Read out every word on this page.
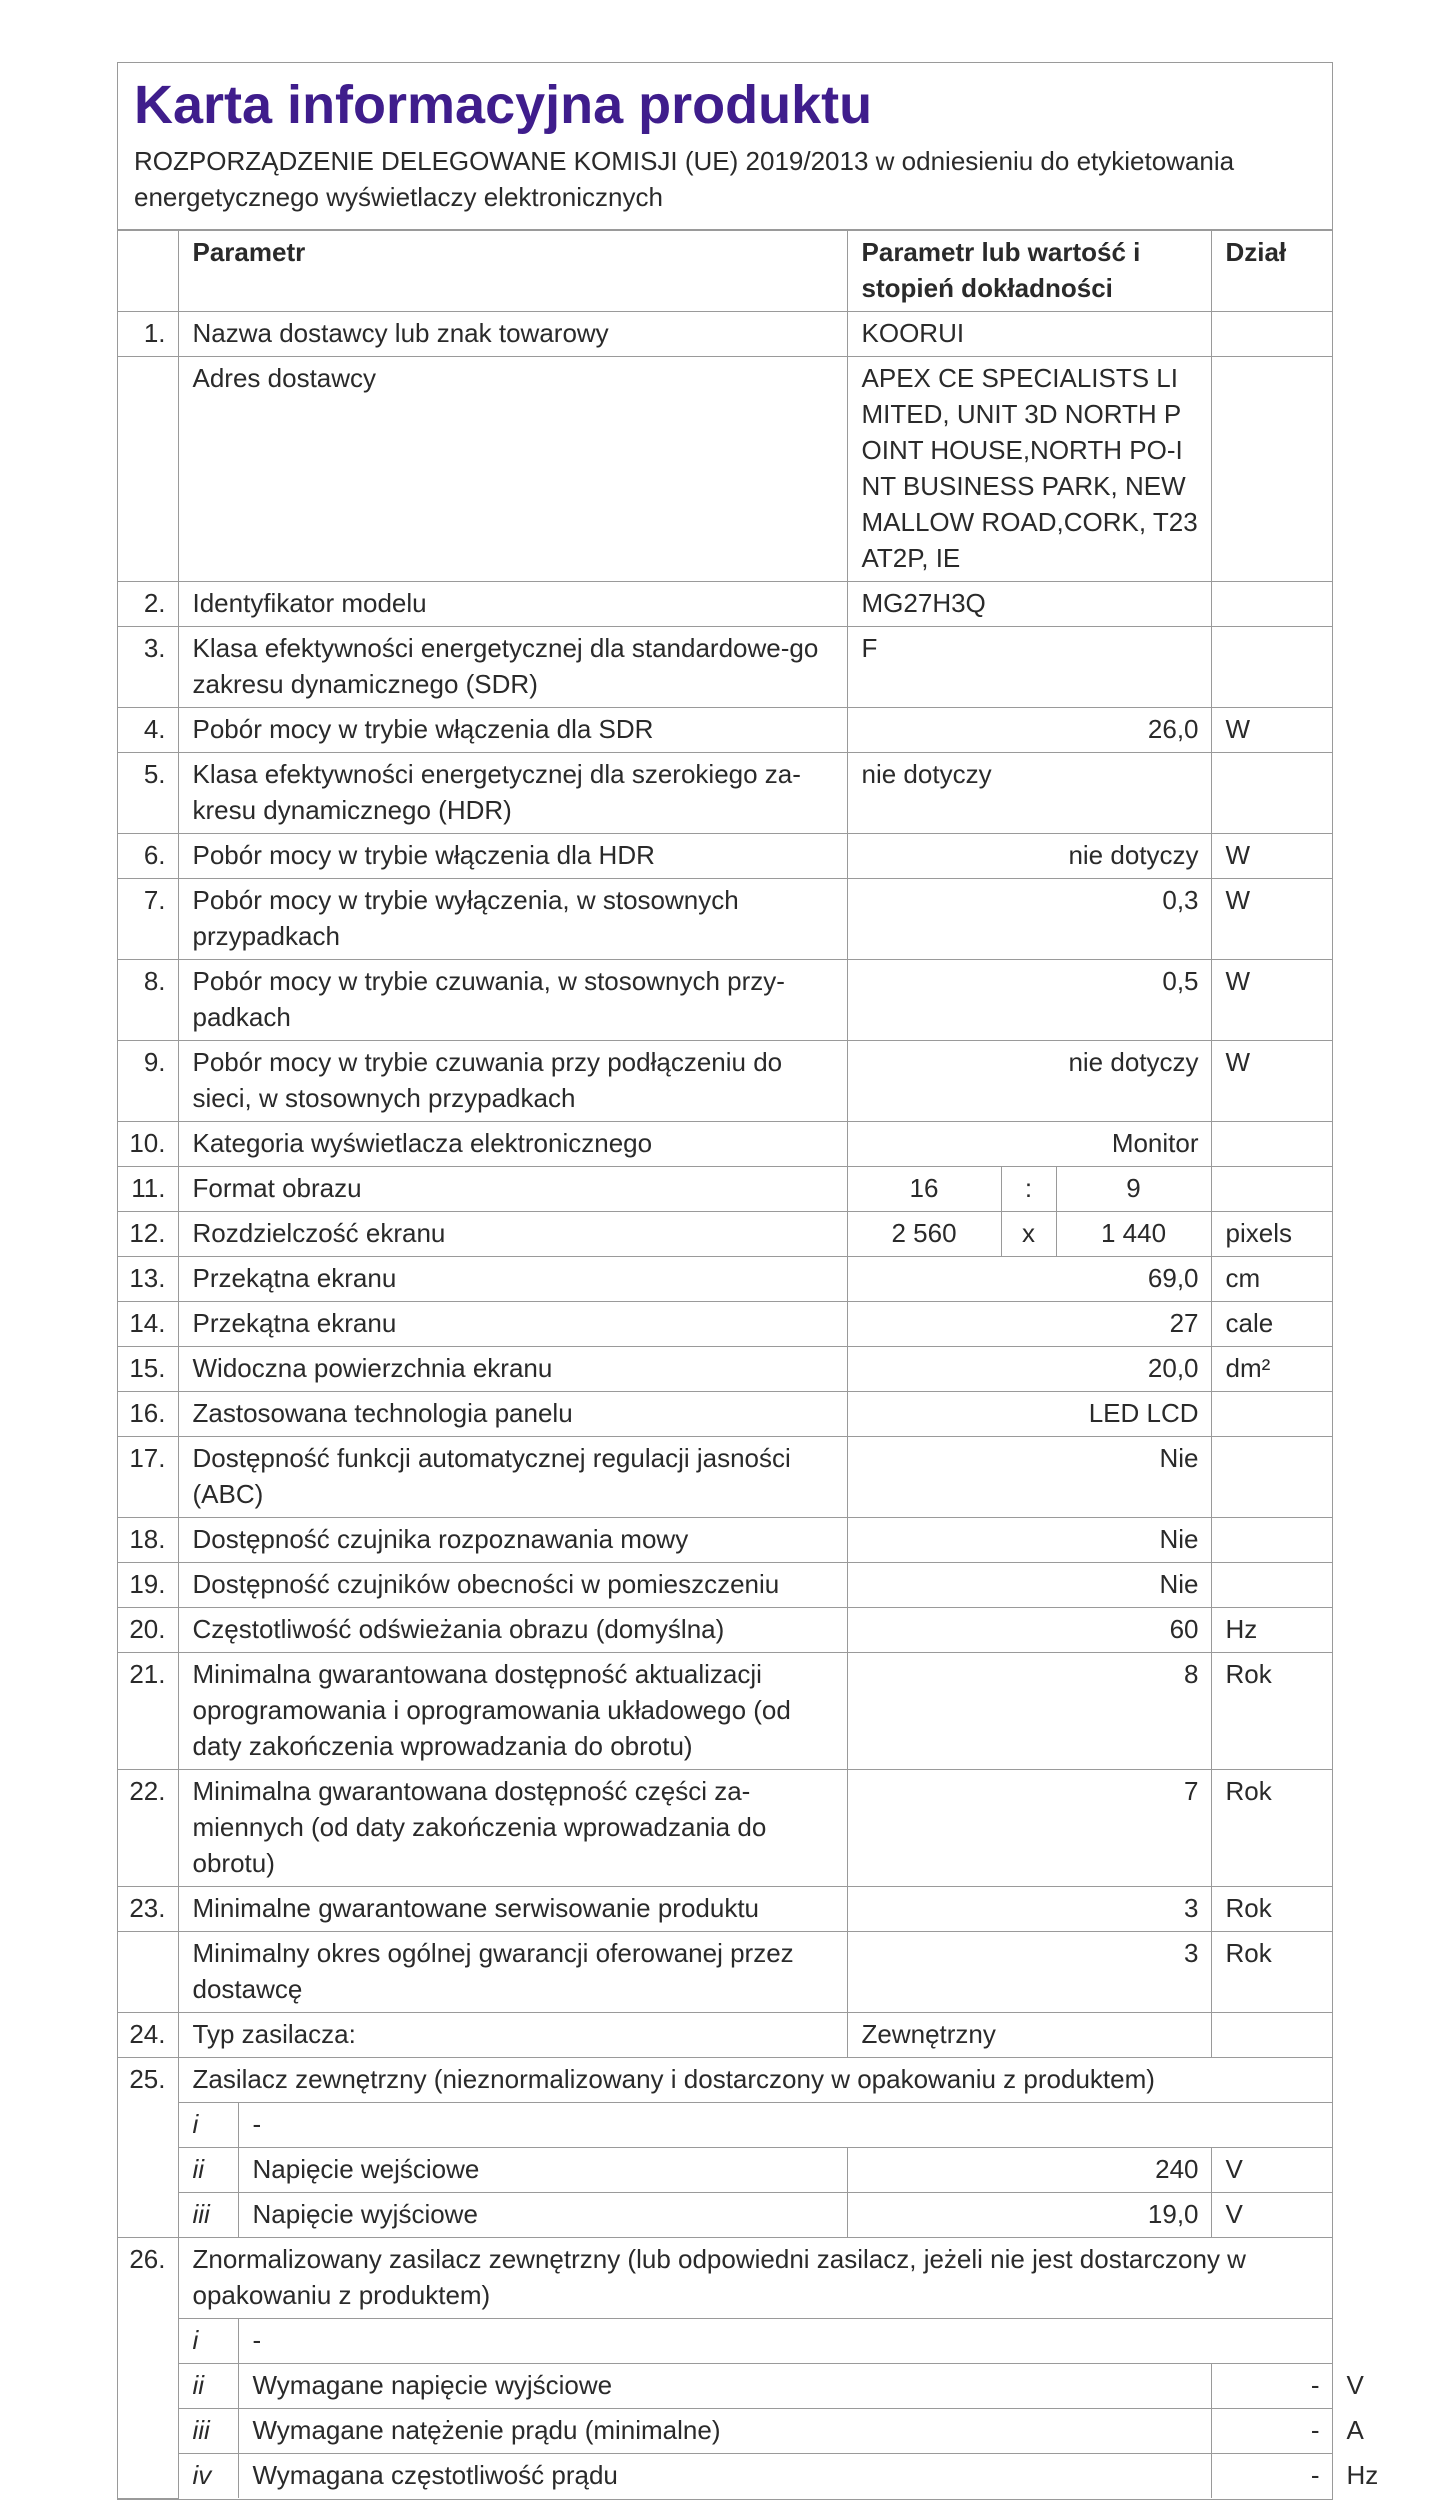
Karta informacyjna produktu
ROZPORZĄDZENIE DELEGOWANE KOMISJI (UE) 2019/2013 w odniesieniu do etykietowania energetycznego wyświetlaczy elektronicznych
	Parametr		Parametr lub wartość i stopień dokładności			Dział	
1.	Nazwa dostawcy lub znak towarowy		KOORUI				
	Adres dostawcy		APEX CE SPECIALISTS LIMITED, UNIT 3D NORTH POINT HOUSE,NORTH PO-INT BUSINESS PARK, NEW MALLOW ROAD,CORK, T23 AT2P, IE				
2.	Identyfikator modelu		MG27H3Q				
3.	Klasa efektywności energetycznej dla standardowe-go zakresu dynamicznego (SDR)		F				
4.	Pobór mocy w trybie włączenia dla SDR		26,0			W	
5.	Klasa efektywności energetycznej dla szerokiego za-kresu dynamicznego (HDR)		nie dotyczy				
6.	Pobór mocy w trybie włączenia dla HDR		nie dotyczy			W	
7.	Pobór mocy w trybie wyłączenia, w stosownych przypadkach		0,3			W	
8.	Pobór mocy w trybie czuwania, w stosownych przy-padkach		0,5			W	
9.	Pobór mocy w trybie czuwania przy podłączeniu do sieci, w stosownych przypadkach		nie dotyczy			W	
10.	Kategoria wyświetlacza elektronicznego		Monitor				
11.	Format obrazu		16	:	9		
12.	Rozdzielczość ekranu		2 560	x	1 440	pixels	
13.	Przekątna ekranu		69,0			cm	
14.	Przekątna ekranu		27			cale	
15.	Widoczna powierzchnia ekranu		20,0			dm²	
16.	Zastosowana technologia panelu		LED LCD				
17.	Dostępność funkcji automatycznej regulacji jasności (ABC)		Nie				
18.	Dostępność czujnika rozpoznawania mowy		Nie				
19.	Dostępność czujników obecności w pomieszczeniu		Nie				
20.	Częstotliwość odświeżania obrazu (domyślna)		60			Hz	
21.	Minimalna gwarantowana dostępność aktualizacji oprogramowania i oprogramowania układowego (od daty zakończenia wprowadzania do obrotu)		8			Rok	
22.	Minimalna gwarantowana dostępność części za-miennych (od daty zakończenia wprowadzania do obrotu)		7			Rok	
23.	Minimalne gwarantowane serwisowanie produktu		3			Rok	
	Minimalny okres ogólnej gwarancji oferowanej przez dostawcę		3			Rok	
24.	Typ zasilacza:		Zewnętrzny				
25.	Zasilacz zewnętrzny (nieznormalizowany i dostarczony w opakowaniu z produktem)						
	i	-					
	ii	Napięcie wejściowe	240			V	
	iii	Napięcie wyjściowe	19,0			V	
26.	Znormalizowany zasilacz zewnętrzny (lub odpowiedni zasilacz, jeżeli nie jest dostarczony w opakowaniu z produktem)						
	i	-					
	ii	Wymagane napięcie wyjściowe				-	V
	iii	Wymagane natężenie prądu (minimalne)				-	A
	iv	Wymagana częstotliwość prądu				-	Hz
